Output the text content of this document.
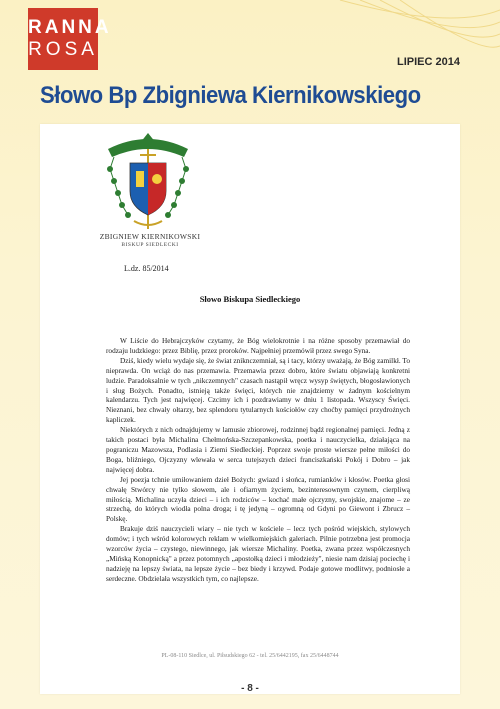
RANNA
ROSA
LIPIEC 2014
Słowo Bp Zbigniewa Kiernikowskiego
ZBIGNIEW KIERNIKOWSKI
BISKUP SIEDLECKI
L.dz. 85/2014
Słowo Biskupa Siedleckiego

W Liście do Hebrajczyków czytamy, że Bóg wielokrotnie i na różne sposoby przemawiał do rodzaju ludzkiego: przez Biblię, przez proroków. Najpełniej przemówił przez swego Syna.

Dziś, kiedy wielu wydaje się, że świat zniknczemniał, są i tacy, którzy uważają, że Bóg zamilkł. To nieprawda. On wciąż do nas przemawia. Przemawia przez dobro, które światu objawiają konkretni ludzie. Paradoksalnie w tych „nikczemnych" czasach nastąpił wręcz wysyp świętych, błogosławionych i sług Bożych. Ponadto, istnieją także święci, których nie znajdziemy w żadnym kościelnym kalendarzu. Tych jest najwięcej. Czcimy ich i pozdrawiamy w dniu 1 listopada. Wszyscy Święci. Nieznani, bez chwały ołtarzy, bez splendoru tytularnych kościołów czy choćby pamięci przydrożnych kapliczek.

Niektórych z nich odnajdujemy w lamusie zbiorowej, rodzinnej bądź regionalnej pamięci. Jedną z takich postaci była Michalina Chełmońska-Szczepankowska, poetka i nauczycielka, działająca na pograniczu Mazowsza, Podlasia i Ziemi Siedleckiej. Poprzez swoje proste wiersze pełne miłości do Boga, bliźniego, Ojczyzny wlewała w serca tutejszych dzieci franciszkański Pokój i Dobro – jak najwięcej dobra.

Jej poezja tchnie umiłowaniem dzieł Bożych: gwiazd i słońca, rumianków i kłosów. Poetka głosi chwałę Stwórcy nie tylko słowem, ale i ofiarnym życiem, bezinteresownym czynem, cierpliwą miłością. Michalina uczyła dzieci – i ich rodziców – kochać małe ojczyzny, swojskie, znajome – ze strzechą, do których wiodła polna droga; i tę jedyną – ogromną od Gdyni po Giewont i Zbrucz – Polskę.

Brakuje dziś nauczycieli wiary – nie tych w kościele – lecz tych pośród wiejskich, stylowych domów; i tych wśród kolorowych reklam w wielkomiejskich galeriach. Pilnie potrzebna jest promocja wzorców życia – czystego, niewinnego, jak wiersze Michaliny. Poetka, zwana przez współczesnych „Mińską Konopnicką" a przez potomnych „apostołką dzieci i młodzieży", niesie nam dzisiaj pociechę i nadzieję na lepszy świata, na lepsze życie – bez biedy i krzywd. Podaje gotowe modlitwy, podniosłe a serdeczne. Obdzielała wszystkich tym, co najlepsze.

PL-08-110 Siedlce, ul. Piłsudskiego 62 - tel. 25/6442195, fax 25/6448744
- 8 -
